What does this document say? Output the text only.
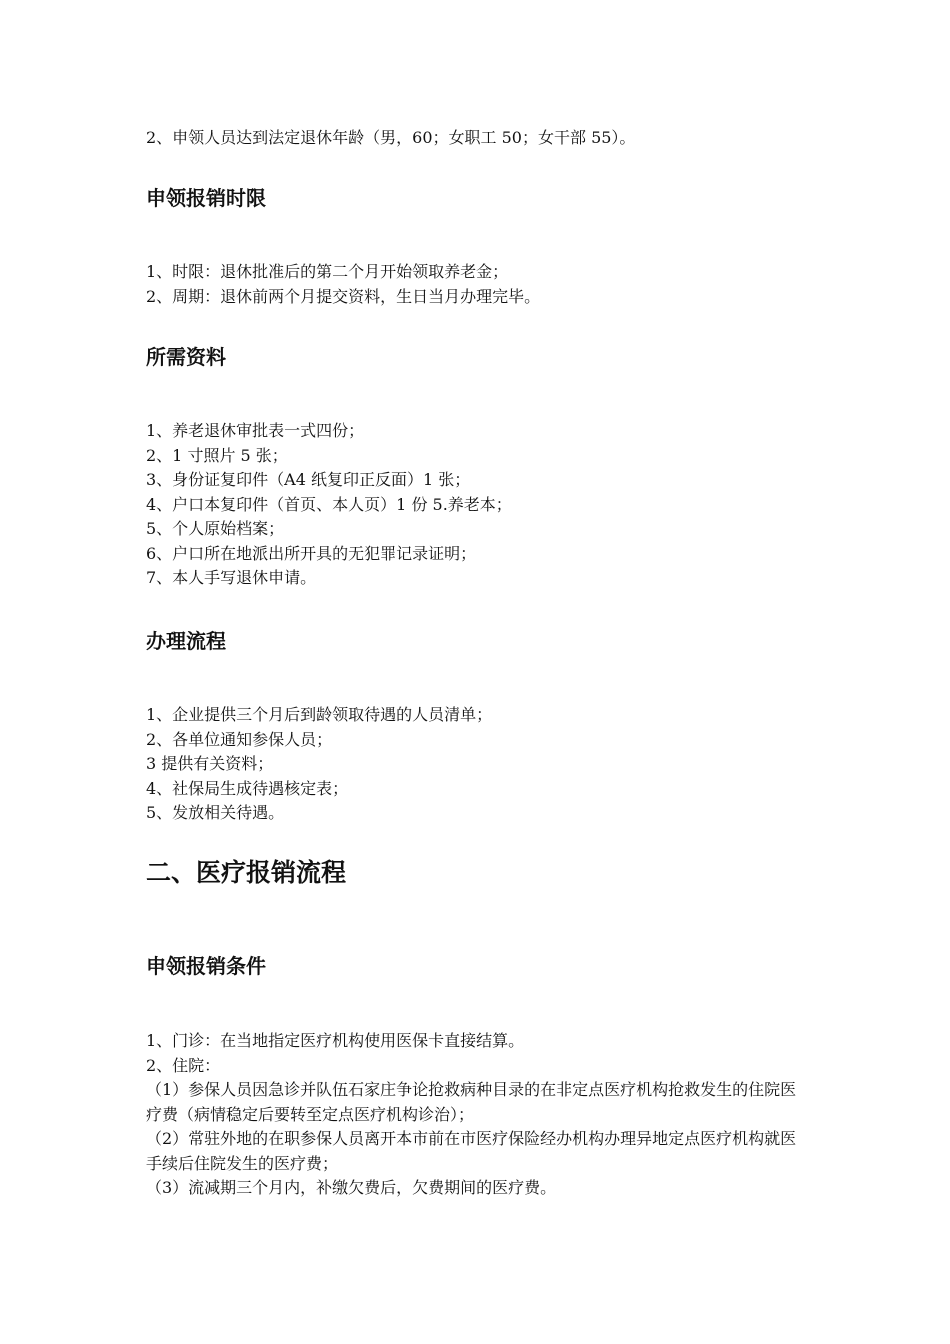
2、申领人员达到法定退休年龄（男，60；女职工 50；女干部 55）。

申领报销时限
1、时限：退休批准后的第二个月开始领取养老金；
2、周期：退休前两个月提交资料，生日当月办理完毕。
所需资料
1、养老退休审批表一式四份；
2、1 寸照片 5 张；
3、身份证复印件（A4 纸复印正反面）1 张；
4、户口本复印件（首页、本人页）1 份 5.养老本；
5、个人原始档案；
6、户口所在地派出所开具的无犯罪记录证明；
7、本人手写退休申请。
办理流程
1、企业提供三个月后到龄领取待遇的人员清单；
2、各单位通知参保人员；
3 提供有关资料；
4、社保局生成待遇核定表；
5、发放相关待遇。
二、医疗报销流程
申领报销条件
1、门诊：在当地指定医疗机构使用医保卡直接结算。
2、住院：
（1）参保人员因急诊并队伍石家庄争论抢救病种目录的在非定点医疗机构抢救发生的住院医疗费（病情稳定后要转至定点医疗机构诊治）；
（2）常驻外地的在职参保人员离开本市前在市医疗保险经办机构办理异地定点医疗机构就医手续后住院发生的医疗费；
（3）流减期三个月内，补缴欠费后，欠费期间的医疗费。
